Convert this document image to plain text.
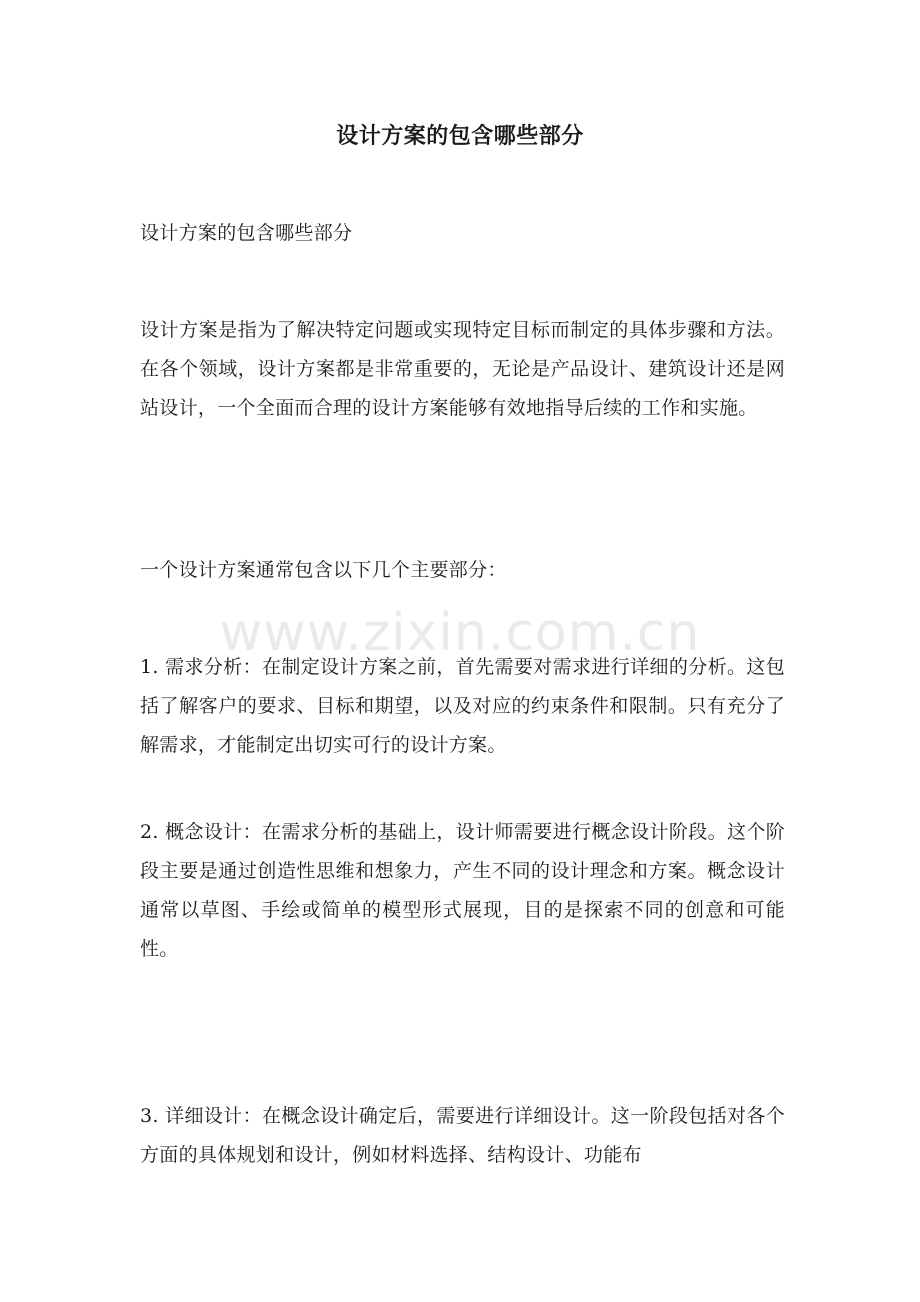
设计方案的包含哪些部分
设计方案的包含哪些部分
设计方案是指为了解决特定问题或实现特定目标而制定的具体步骤和方法。在各个领域，设计方案都是非常重要的，无论是产品设计、建筑设计还是网站设计，一个全面而合理的设计方案能够有效地指导后续的工作和实施。
一个设计方案通常包含以下几个主要部分：
www.zixin.com.cn
1. 需求分析：在制定设计方案之前，首先需要对需求进行详细的分析。这包括了解客户的要求、目标和期望，以及对应的约束条件和限制。只有充分了解需求，才能制定出切实可行的设计方案。
2. 概念设计：在需求分析的基础上，设计师需要进行概念设计阶段。这个阶段主要是通过创造性思维和想象力，产生不同的设计理念和方案。概念设计通常以草图、手绘或简单的模型形式展现，目的是探索不同的创意和可能性。
3. 详细设计：在概念设计确定后，需要进行详细设计。这一阶段包括对各个方面的具体规划和设计，例如材料选择、结构设计、功能布
